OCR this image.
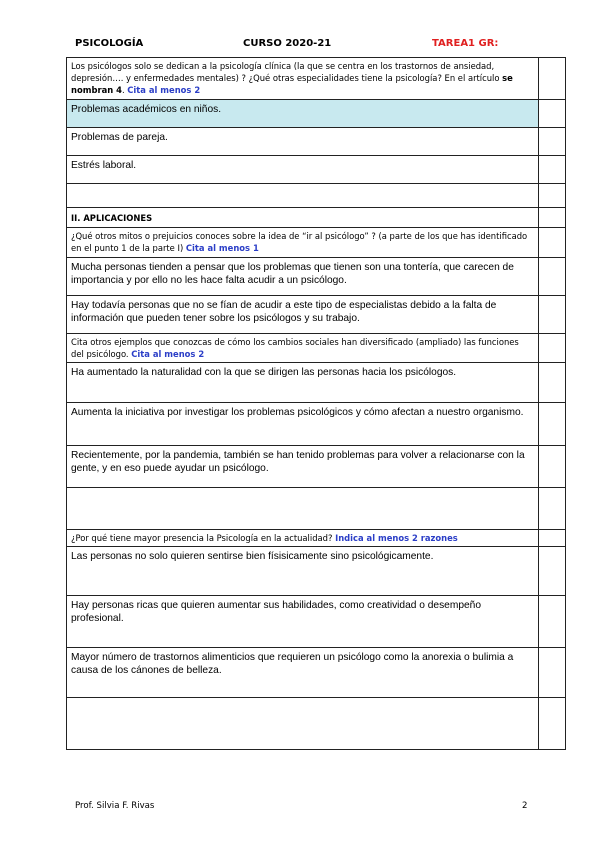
PSICOLOGÍA	CURSO 2020-21	TAREA1 GR:
Los psicólogos solo se dedican a la psicología clínica (la que se centra en los trastornos de ansiedad, depresión…. y enfermedades mentales) ? ¿Qué otras especialidades tiene la psicología? En el artículo se nombran 4. Cita al menos 2	
Problemas académicos en niños.	
Problemas de pareja.	
Estrés laboral.	

II. APLICACIONES	
¿Qué otros mitos o prejuicios conoces sobre la idea de “ir al psicólogo” ? (a parte de los que has identificado en el punto 1 de la parte I) Cita al menos 1	
Mucha personas tienden a pensar que los problemas que tienen son una tontería, que carecen de importancia y por ello no les hace falta acudir a un psicólogo.	
Hay todavía personas que no se fían de acudir a este tipo de especialistas debido a la falta de información que pueden tener sobre los psicólogos y su trabajo.	
Cita otros ejemplos que conozcas de cómo los cambios sociales han diversificado (ampliado) las funciones del psicólogo. Cita al menos 2	
Ha aumentado la naturalidad con la que se dirigen las personas hacia los psicólogos.	
Aumenta la iniciativa por investigar los problemas psicológicos y cómo afectan a nuestro organismo.	
Recientemente, por la pandemia, también se han tenido problemas para volver a relacionarse con la gente, y en eso puede ayudar un psicólogo.	

¿Por qué tiene mayor presencia la Psicología en la actualidad? Indica al menos 2 razones	
Las personas no solo quieren sentirse bien físisicamente sino psicológicamente.	
Hay personas ricas que quieren aumentar sus habilidades, como creatividad o desempeño profesional.	
Mayor número de trastornos alimenticios que requieren un psicólogo como la anorexia o bulimia a causa de los cánones de belleza.	

Prof. Silvia F. Rivas	2
